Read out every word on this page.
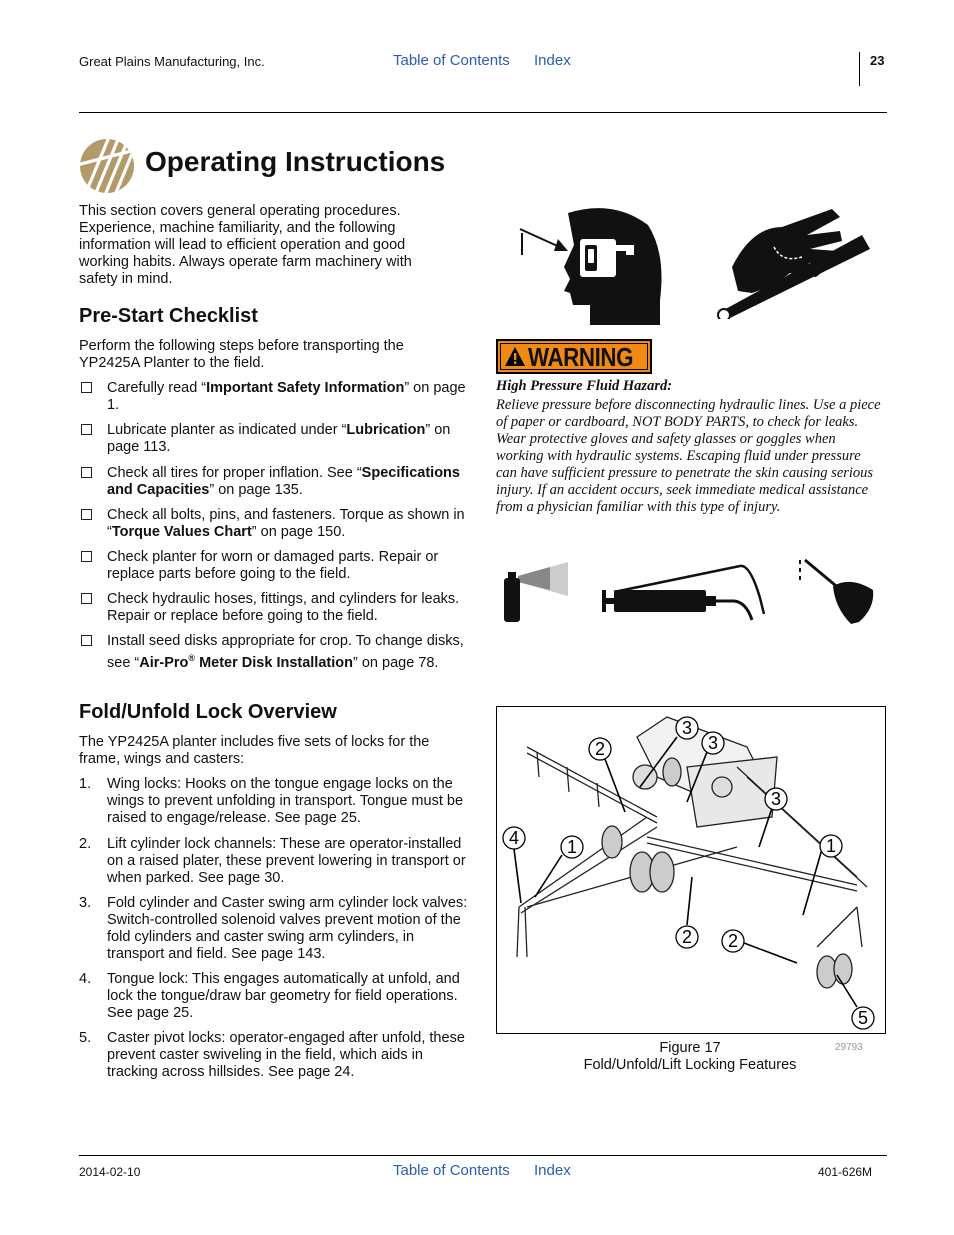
Great Plains Manufacturing, Inc.	Table of Contents Index	23
Operating Instructions

This section covers general operating procedures. Experience, machine familiarity, and the following information will lead to efficient operation and good working habits. Always operate farm machinery with safety in mind.

Pre-Start Checklist

Perform the following steps before transporting the YP2425A Planter to the field.

Carefully read “Important Safety Information” on page 1.
Lubricate planter as indicated under “Lubrication” on page 113.
Check all tires for proper inflation. See “Specifications and Capacities” on page 135.
Check all bolts, pins, and fasteners. Torque as shown in “Torque Values Chart” on page 150.
Check planter for worn or damaged parts. Repair or replace parts before going to the field.
Check hydraulic hoses, fittings, and cylinders for leaks. Repair or replace before going to the field.
Install seed disks appropriate for crop. To change disks, see “Air-Pro® Meter Disk Installation” on page 78.
Fold/Unfold Lock Overview

The YP2425A planter includes five sets of locks for the frame, wings and casters:

1. Wing locks: Hooks on the tongue engage locks on the wings to prevent unfolding in transport. Tongue must be raised to engage/release. See page 25.
2. Lift cylinder lock channels: These are operator-installed on a raised plater, these prevent lowering in transport or when parked. See page 30.
3. Fold cylinder and Caster swing arm cylinder lock valves: Switch-controlled solenoid valves prevent motion of the fold cylinders and caster swing arm cylinders, in transport and field. See page 143.
4. Tongue lock: This engages automatically at unfold, and lock the tongue/draw bar geometry for field operations. See page 25.
5. Caster pivot locks: operator-engaged after unfold, these prevent caster swiveling in the field, which aids in tracking across hillsides. See page 24.
WARNING
High Pressure Fluid Hazard:

Relieve pressure before disconnecting hydraulic lines. Use a piece of paper or cardboard, NOT BODY PARTS, to check for leaks. Wear protective gloves and safety glasses or goggles when working with hydraulic systems. Escaping fluid under pressure can have sufficient pressure to penetrate the skin causing serious injury. If an accident occurs, seek immediate medical assistance from a physician familiar with this type of injury.

3
2	3
3
4	1	1
2 2
5
Figure 17
Fold/Unfold/Lift Locking Features
29793
2014-02-10	Table of Contents Index	401-626M
